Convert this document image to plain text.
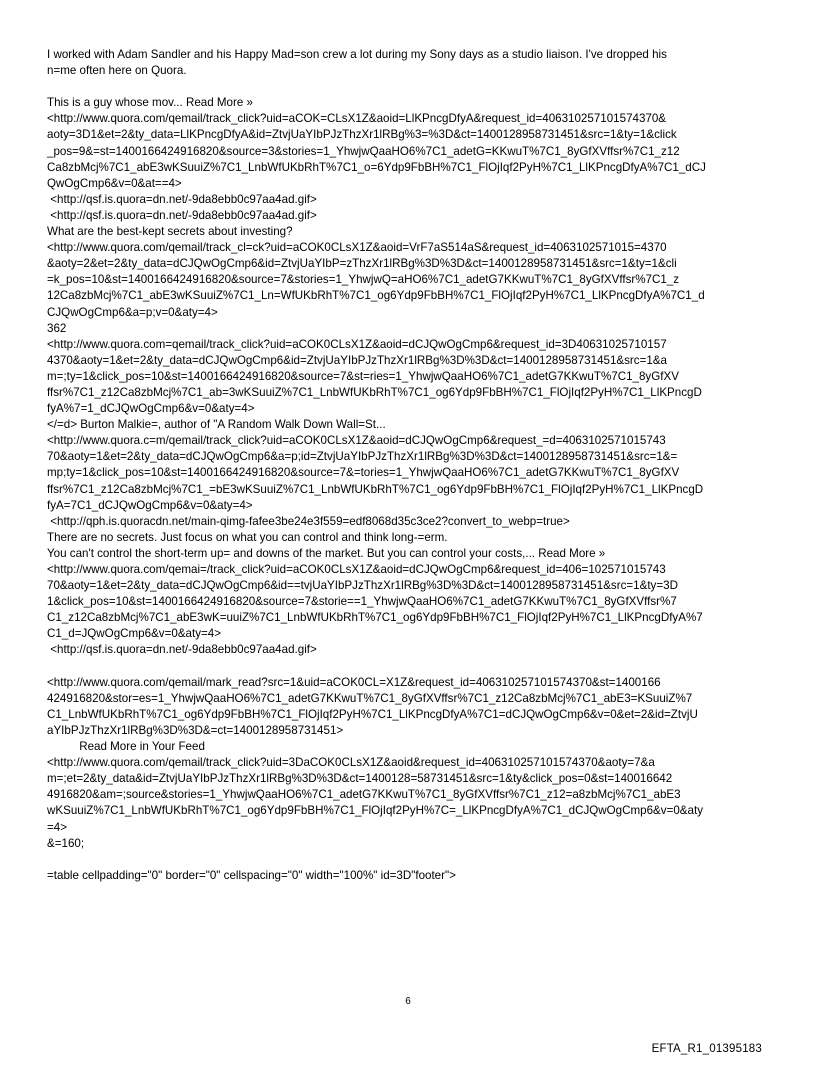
I worked with Adam Sandler and his Happy Mad=son crew a lot during my Sony days as a studio liaison. I've dropped his
n=me often here on Quora.
This is a guy whose mov... Read More »
<http://www.quora.com/qemail/track_click?uid=aCOK=CLsX1Z&aoid=LlKPncgDfyA&request_id=406310257101574370&
aoty=3D1&et=2&ty_data=LlKPncgDfyA&id=ZtvjUaYIbPJzThzXr1lRBg%3=%3D&ct=1400128958731451&src=1&ty=1&click
_pos=9&=st=1400166424916820&source=3&stories=1_YhwjwQaaHO6%7C1_adetG=KKwuT%7C1_8yGfXVffsr%7C1_z12
Ca8zbMcj%7C1_abE3wKSuuiZ%7C1_LnbWfUKbRhT%7C1_o=6Ydp9FbBH%7C1_FlOjIqf2PyH%7C1_LlKPncgDfyA%7C1_dCJ
QwOgCmp6&v=0&at==4>
<http://qsf.is.quora=dn.net/-9da8ebb0c97aa4ad.gif>
<http://qsf.is.quora=dn.net/-9da8ebb0c97aa4ad.gif>
What are the best-kept secrets about investing?
<http://www.quora.com/qemail/track_cl=ck?uid=aCOK0CLsX1Z&aoid=VrF7aS514aS&request_id=4063102571015=4370
&aoty=2&et=2&ty_data=dCJQwOgCmp6&id=ZtvjUaYIbP=zThzXr1lRBg%3D%3D&ct=1400128958731451&src=1&ty=1&cli
=k_pos=10&st=1400166424916820&source=7&stories=1_YhwjwQ=aHO6%7C1_adetG7KKwuT%7C1_8yGfXVffsr%7C1_z
12Ca8zbMcj%7C1_abE3wKSuuiZ%7C1_Ln=WfUKbRhT%7C1_og6Ydp9FbBH%7C1_FlOjIqf2PyH%7C1_LlKPncgDfyA%7C1_d
CJQwOgCmp6&a=p;v=0&aty=4>
362
<http://www.quora.com=qemail/track_click?uid=aCOK0CLsX1Z&aoid=dCJQwOgCmp6&request_id=3D40631025710157
4370&aoty=1&et=2&ty_data=dCJQwOgCmp6&id=ZtvjUaYIbPJzThzXr1lRBg%3D%3D&ct=1400128958731451&src=1&a
m=;ty=1&click_pos=10&st=1400166424916820&source=7&st=ries=1_YhwjwQaaHO6%7C1_adetG7KKwuT%7C1_8yGfXV
ffsr%7C1_z12Ca8zbMcj%7C1_ab=3wKSuuiZ%7C1_LnbWfUKbRhT%7C1_og6Ydp9FbBH%7C1_FlOjIqf2PyH%7C1_LlKPncgD
fyA%7=1_dCJQwOgCmp6&v=0&aty=4>
</=d> Burton Malkie=, author of "A Random Walk Down Wall=St...
<http://www.quora.c=m/qemail/track_click?uid=aCOK0CLsX1Z&aoid=dCJQwOgCmp6&request_=d=4063102571015743
70&aoty=1&et=2&ty_data=dCJQwOgCmp6&a=p;id=ZtvjUaYIbPJzThzXr1lRBg%3D%3D&ct=1400128958731451&src=1&=
mp;ty=1&click_pos=10&st=1400166424916820&source=7&=tories=1_YhwjwQaaHO6%7C1_adetG7KKwuT%7C1_8yGfXV
ffsr%7C1_z12Ca8zbMcj%7C1_=bE3wKSuuiZ%7C1_LnbWfUKbRhT%7C1_og6Ydp9FbBH%7C1_FlOjIqf2PyH%7C1_LlKPncgD
fyA=7C1_dCJQwOgCmp6&v=0&aty=4>
<http://qph.is.quoracdn.net/main-qimg-fafee3be24e3f559=edf8068d35c3ce2?convert_to_webp=true>
There are no secrets. Just focus on what you can control and think long-=erm.
You can't control the short-term up= and downs of the market. But you can control your costs,... Read More »
<http://www.quora.com/qemai=/track_click?uid=aCOK0CLsX1Z&aoid=dCJQwOgCmp6&request_id=406=102571015743
70&aoty=1&et=2&ty_data=dCJQwOgCmp6&id==tvjUaYIbPJzThzXr1lRBg%3D%3D&ct=1400128958731451&src=1&ty=3D
1&click_pos=10&st=1400166424916820&source=7&storie==1_YhwjwQaaHO6%7C1_adetG7KKwuT%7C1_8yGfXVffsr%7
C1_z12Ca8zbMcj%7C1_abE3wK=uuiZ%7C1_LnbWfUKbRhT%7C1_og6Ydp9FbBH%7C1_FlOjIqf2PyH%7C1_LlKPncgDfyA%7
C1_d=JQwOgCmp6&v=0&aty=4>
<http://qsf.is.quora=dn.net/-9da8ebb0c97aa4ad.gif>
<http://www.quora.com/qemail/mark_read?src=1&uid=aCOK0CL=X1Z&request_id=406310257101574370&st=1400166
424916820&stor=es=1_YhwjwQaaHO6%7C1_adetG7KKwuT%7C1_8yGfXVffsr%7C1_z12Ca8zbMcj%7C1_abE3=KSuuiZ%7
C1_LnbWfUKbRhT%7C1_og6Ydp9FbBH%7C1_FlOjIqf2PyH%7C1_LlKPncgDfyA%7C1=dCJQwOgCmp6&v=0&et=2&id=ZtvjU
aYIbPJzThzXr1lRBg%3D%3D&=ct=1400128958731451>
Read More in Your Feed
<http://www.quora.com/qemail/track_click?uid=3DaCOK0CLsX1Z&aoid&request_id=406310257101574370&aoty=7&a
m=;et=2&ty_data&id=ZtvjUaYIbPJzThzXr1lRBg%3D%3D&ct=1400128=58731451&src=1&ty&click_pos=0&st=140016642
4916820&am=;source&stories=1_YhwjwQaaHO6%7C1_adetG7KKwuT%7C1_8yGfXVffsr%7C1_z12=a8zbMcj%7C1_abE3
wKSuuiZ%7C1_LnbWfUKbRhT%7C1_og6Ydp9FbBH%7C1_FlOjIqf2PyH%7C=_LlKPncgDfyA%7C1_dCJQwOgCmp6&v=0&aty
=4>
&=160;
=table cellpadding="0" border="0" cellspacing="0" width="100%" id=3D"footer">
6
EFTA_R1_01395183
